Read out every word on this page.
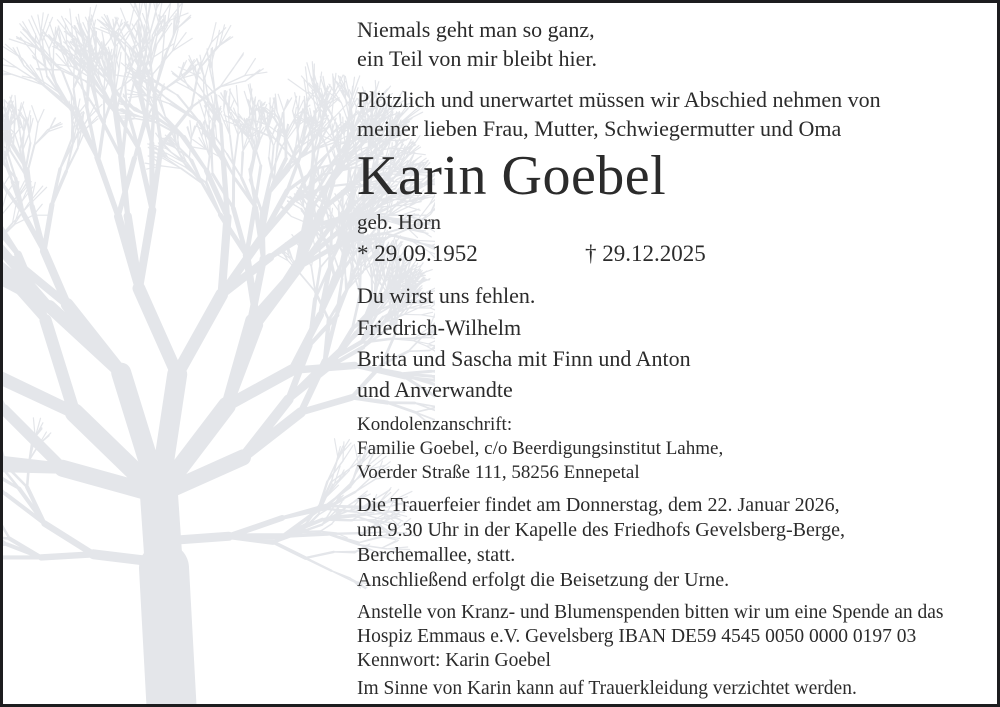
Niemals geht man so ganz,
ein Teil von mir bleibt hier.
Plötzlich und unerwartet müssen wir Abschied nehmen von
meiner lieben Frau, Mutter, Schwiegermutter und Oma
Karin Goebel
geb. Horn
* 29.09.1952	† 29.12.2025
Du wirst uns fehlen.
Friedrich-Wilhelm
Britta und Sascha mit Finn und Anton
und Anverwandte
Kondolenzanschrift:
Familie Goebel, c/o Beerdigungsinstitut Lahme,
Voerder Straße 111, 58256 Ennepetal
Die Trauerfeier findet am Donnerstag, dem 22. Januar 2026,
um 9.30 Uhr in der Kapelle des Friedhofs Gevelsberg-Berge,
Berchemallee, statt.
Anschließend erfolgt die Beisetzung der Urne.
Anstelle von Kranz- und Blumenspenden bitten wir um eine Spende an das
Hospiz Emmaus e.V. Gevelsberg IBAN DE59 4545 0050 0000 0197 03
Kennwort: Karin Goebel
Im Sinne von Karin kann auf Trauerkleidung verzichtet werden.
